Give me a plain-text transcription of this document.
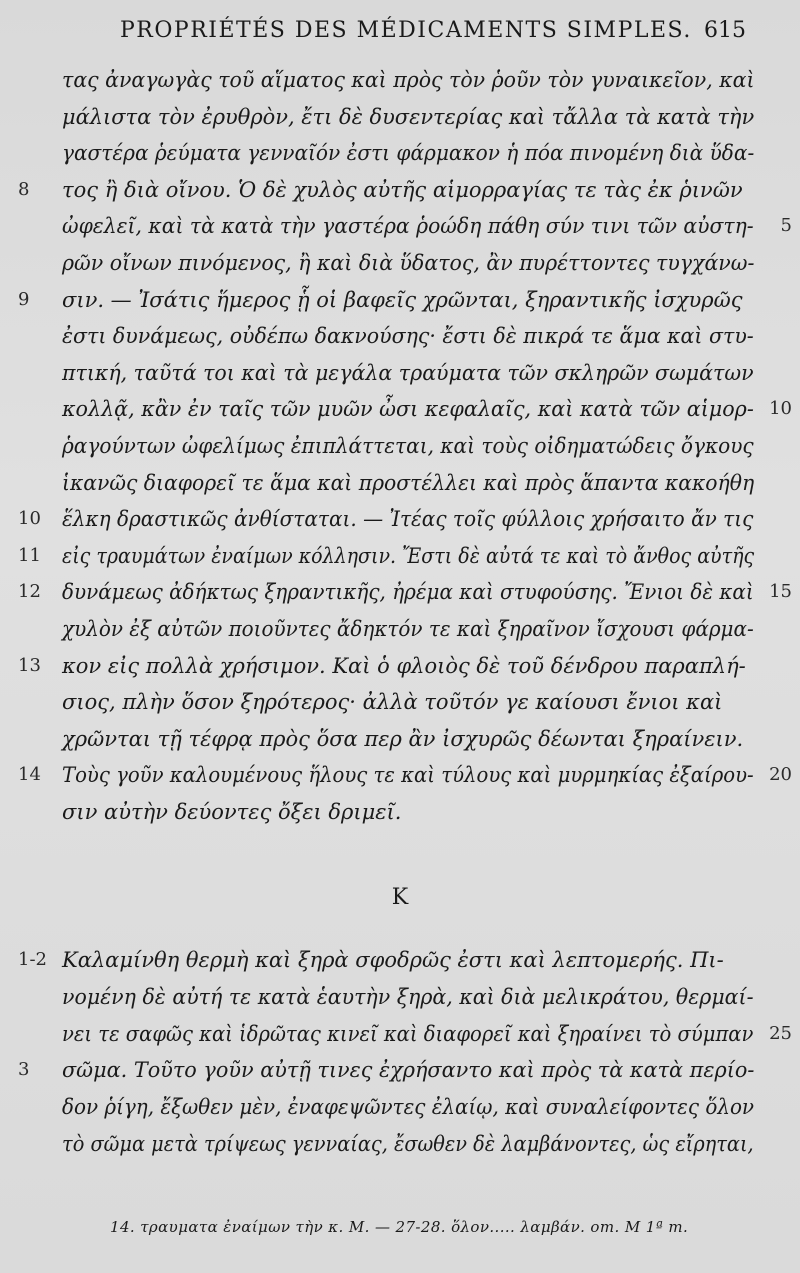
PROPRIÉTÉS DES MÉDICAMENTS SIMPLES. 615
τας ἀναγωγὰς τοῦ αἵματος καὶ πρὸς τὸν ῥοῦν τὸν γυναικεῖον, καὶ
μάλιστα τὸν ἐρυθρὸν, ἔτι δὲ δυσεντερίας καὶ τἄλλα τὰ κατὰ τὴν
γαστέρα ῥεύματα γενναῖόν ἐστι φάρμακον ἡ πόα πινομένη διὰ ὕδα-
τος ἢ διὰ οἴνου. Ὁ δὲ χυλὸς αὐτῆς αἱμορραγίας τε τὰς ἐκ ῥινῶν
8
ὠφελεῖ, καὶ τὰ κατὰ τὴν γαστέρα ῥοώδη πάθη σύν τινι τῶν αὐστη-	5
ρῶν οἴνων πινόμενος, ἢ καὶ διὰ ὕδατος, ἂν πυρέττοντες τυγχάνω-
σιν. — Ἰσάτις ἥμερος ᾗ οἱ βαφεῖς χρῶνται, ξηραντικῆς ἰσχυρῶς
9
ἐστι δυνάμεως, οὐδέπω δακνούσης· ἔστι δὲ πικρά τε ἅμα καὶ στυ-
πτική, ταῦτά τοι καὶ τὰ μεγάλα τραύματα τῶν σκληρῶν σωμάτων
κολλᾷ, κἂν ἐν ταῖς τῶν μυῶν ὦσι κεφαλαῖς, καὶ κατὰ τῶν αἱμορ- 10
ῥαγούντων ὠφελίμως ἐπιπλάττεται, καὶ τοὺς οἰδηματώδεις ὄγκους
ἱκανῶς διαφορεῖ τε ἅμα καὶ προστέλλει καὶ πρὸς ἅπαντα κακοήθη
ἕλκη δραστικῶς ἀνθίσταται. — Ἰτέας τοῖς φύλλοις χρήσαιτο ἄν τις
10
εἰς τραυμάτων ἐναίμων κόλλησιν. Ἔστι δὲ αὐτά τε καὶ τὸ ἄνθος αὐτῆς
11
δυνάμεως ἀδήκτως ξηραντικῆς, ἠρέμα καὶ στυφούσης. Ἔνιοι δὲ καὶ
12	15
χυλὸν ἐξ αὐτῶν ποιοῦντες ἄδηκτόν τε καὶ ξηραῖνον ἴσχουσι φάρμα-
κον εἰς πολλὰ χρήσιμον. Καὶ ὁ φλοιὸς δὲ τοῦ δένδρου παραπλή-
13
σιος, πλὴν ὅσον ξηρότερος· ἀλλὰ τοῦτόν γε καίουσι ἔνιοι καὶ
χρῶνται τῇ τέφρᾳ πρὸς ὅσα περ ἂν ἰσχυρῶς δέωνται ξηραίνειν.
Τοὺς γοῦν καλουμένους ἥλους τε καὶ τύλους καὶ μυρμηκίας ἐξαίρου-
14	20
σιν αὐτὴν δεύοντες ὄξει δριμεῖ.
K
Καλαμίνθη θερμὴ καὶ ξηρὰ σφοδρῶς ἐστι καὶ λεπτομερής. Πι-
1-2
νομένη δὲ αὐτή τε κατὰ ἑαυτὴν ξηρὰ, καὶ διὰ μελικράτου, θερμαί-
νει τε σαφῶς καὶ ἱδρῶτας κινεῖ καὶ διαφορεῖ καὶ ξηραίνει τὸ σύμπαν 25
σῶμα. Τοῦτο γοῦν αὐτῇ τινες ἐχρήσαντο καὶ πρὸς τὰ κατὰ περίο-
3
δον ῥίγη, ἔξωθεν μὲν, ἐναφεψῶντες ἐλαίῳ, καὶ συναλείφοντες ὅλον
τὸ σῶμα μετὰ τρίψεως γενναίας, ἔσωθεν δὲ λαμβάνοντες, ὡς εἴρηται,
14. τραυματα ἐναίμων τὴν κ. M. — 27-28. ὅλον..... λαμβάν. om. M 1ª m.
